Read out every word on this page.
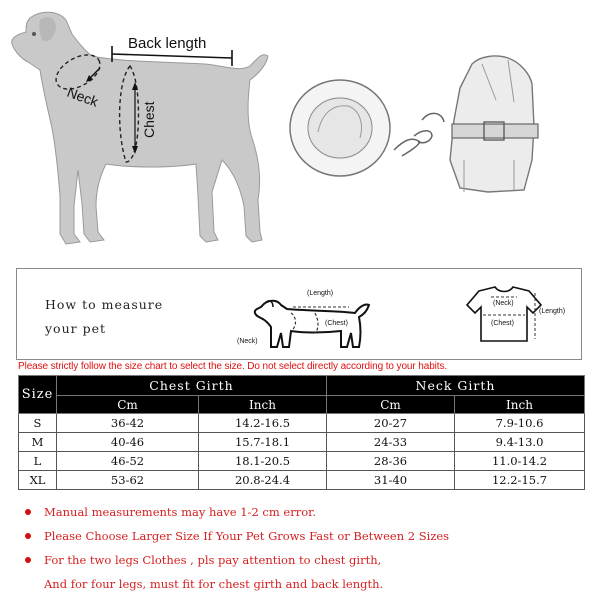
Back length
Neck
Chest
How to measure
your pet
(Length)
(Neck)
(Chest)
(Neck)
(Chest)
(Length)
Please strictly follow the size chart to select the size. Do not select directly according to your habits.
Size	Chest Girth		Neck Girth	
	Cm	Inch	Cm	Inch
S	36-42	14.2-16.5	20-27	7.9-10.6
M	40-46	15.7-18.1	24-33	9.4-13.0
L	46-52	18.1-20.5	28-36	11.0-14.2
XL	53-62	20.8-24.4	31-40	12.2-15.7
Manual measurements may have 1-2 cm error.
Please Choose Larger Size If Your Pet Grows Fast or Between 2 Sizes
For the two legs Clothes , pls pay attention to chest girth,
And for four legs, must fit for chest girth and back length.
